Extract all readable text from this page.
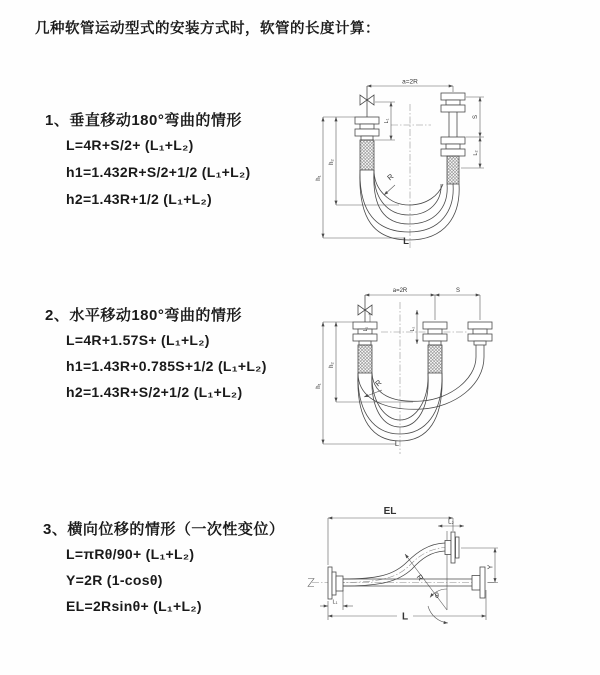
几种软管运动型式的安装方式时，软管的长度计算：
1、垂直移动180°弯曲的情形
L=4R+S/2+ (L₁+L₂)
h1=1.432R+S/2+1/2 (L₁+L₂)
h2=1.43R+1/2 (L₁+L₂)
a=2R
h₁
h₂
L₁
S
L₂
R
L
2、水平移动180°弯曲的情形
L=4R+1.57S+ (L₁+L₂)
h1=1.43R+0.785S+1/2 (L₁+L₂)
h2=1.43R+S/2+1/2 (L₁+L₂)
a=2R	S
h₁
h₂
L₁	L₂
R
L
3、横向位移的情形（一次性变位）
L=πRθ/90+ (L₁+L₂)
Y=2R (1-cosθ)
EL=2Rsinθ+ (L₁+L₂)
EL
L₂
Y
L
L₁
R
θ
